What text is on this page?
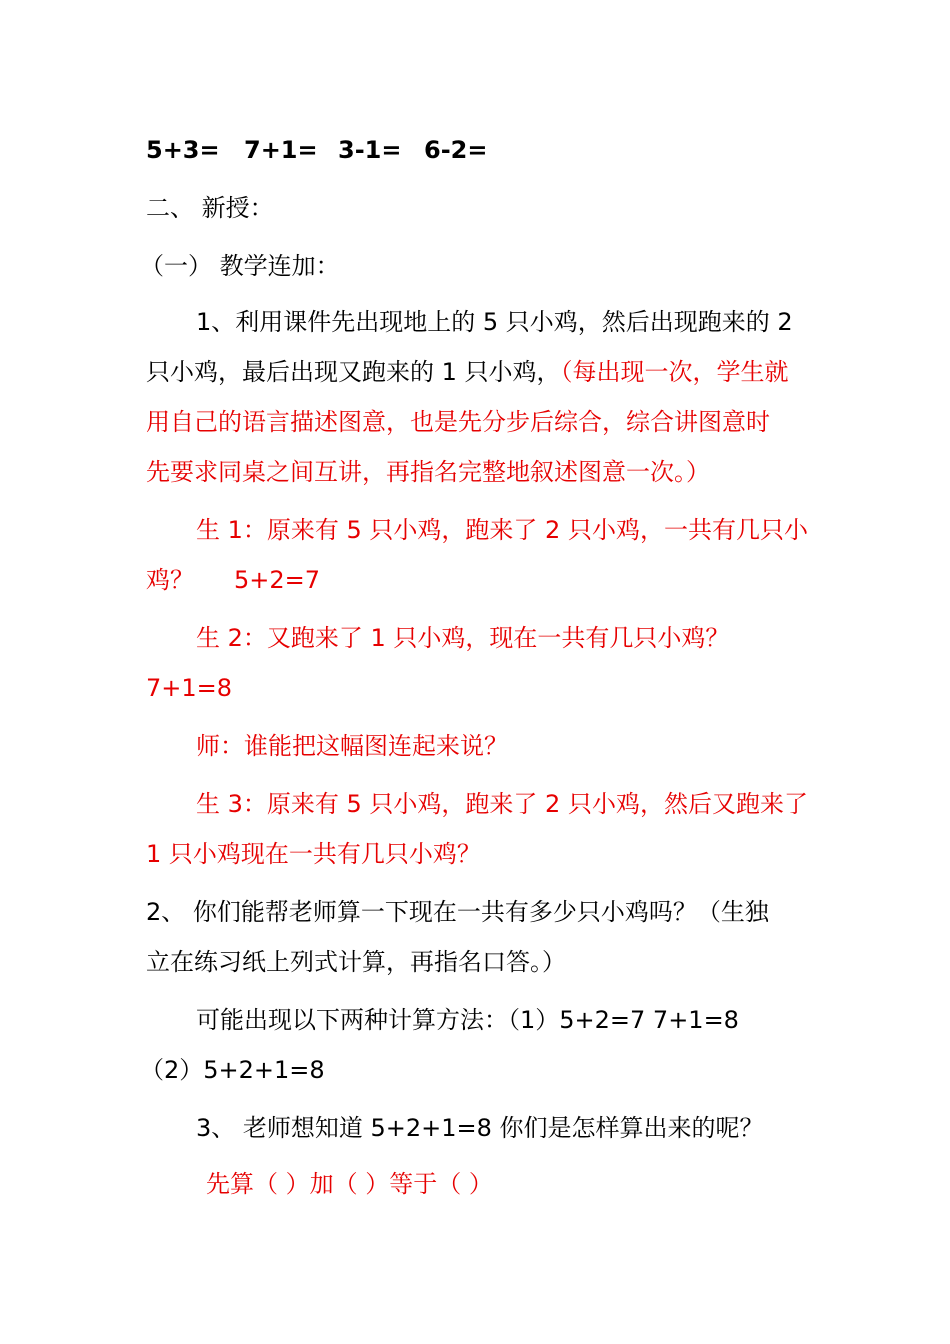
5+3= 7+1= 3-1= 6-2=
二、 新授：
（一） 教学连加：
1、利用课件先出现地上的 5 只小鸡，然后出现跑来的 2
只小鸡，最后出现又跑来的 1 只小鸡，（每出现一次，学生就
用自己的语言描述图意，也是先分步后综合，综合讲图意时
先要求同桌之间互讲，再指名完整地叙述图意一次。）
生 1：原来有 5 只小鸡，跑来了 2 只小鸡，一共有几只小
鸡？ 5+2=7
生 2：又跑来了 1 只小鸡，现在一共有几只小鸡？
7+1=8
师：谁能把这幅图连起来说？
生 3：原来有 5 只小鸡，跑来了 2 只小鸡，然后又跑来了
1 只小鸡现在一共有几只小鸡？
2、 你们能帮老师算一下现在一共有多少只小鸡吗？（生独
立在练习纸上列式计算，再指名口答。）
可能出现以下两种计算方法：（1）5+2=7 7+1=8
（2）5+2+1=8
3、 老师想知道 5+2+1=8 你们是怎样算出来的呢？
先算（ ）加（ ）等于（ ）
